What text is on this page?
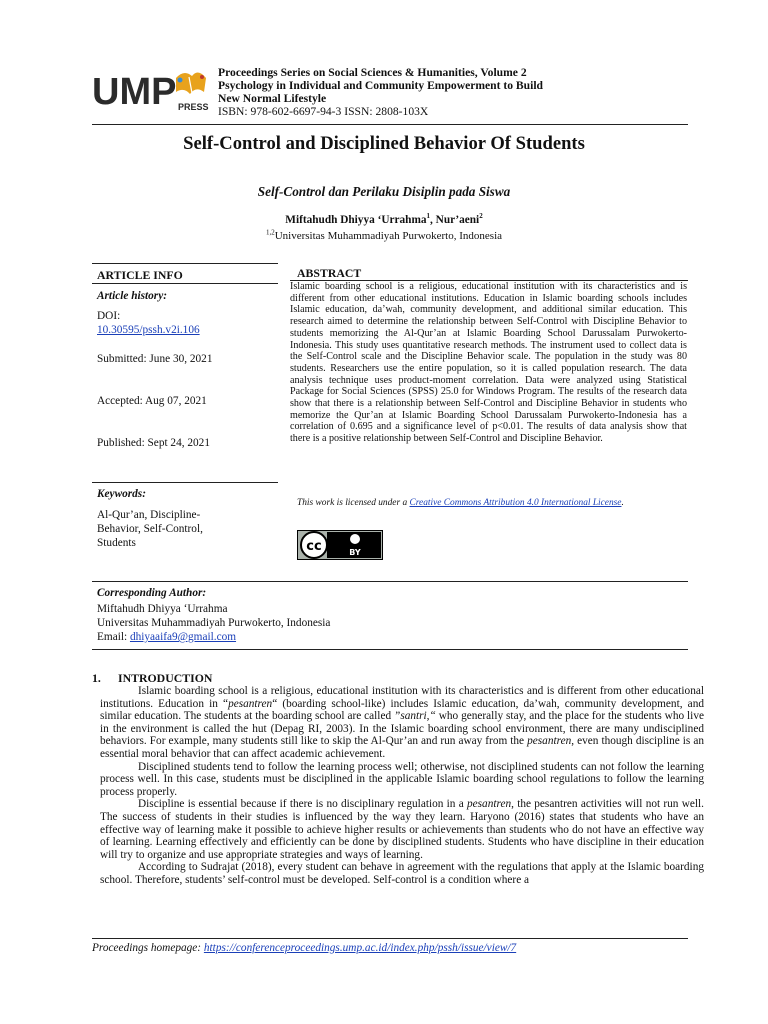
UMP PRESS
Proceedings Series on Social Sciences & Humanities, Volume 2
Psychology in Individual and Community Empowerment to Build
New Normal Lifestyle
ISBN: 978-602-6697-94-3 ISSN: 2808-103X
Self-Control and Disciplined Behavior Of Students
Self-Control dan Perilaku Disiplin pada Siswa
Miftahudh Dhiyya ‘Urrahma$^1$, Nur’aeni$^2$
$^{1,2}$Universitas Muhammadiyah Purwokerto, Indonesia
ARTICLE INFO
Article history:
DOI:
10.30595/pssh.v2i.106
Submitted: June 30, 2021
Accepted: Aug 07, 2021
Published: Sept 24, 2021
Keywords:
Al-Qur’an, Discipline-
Behavior, Self-Control,
Students
ABSTRACT
Islamic boarding school is a religious, educational institution with its characteristics and is different from other educational institutions. Education in Islamic boarding schools includes Islamic education, da’wah, community development, and additional similar education. This research aimed to determine the relationship between Self-Control with Discipline Behavior to students memorizing the Al-Qur’an at Islamic Boarding School Darussalam Purwokerto-Indonesia. This study uses quantitative research methods. The instrument used to collect data is the Self-Control scale and the Discipline Behavior scale. The population in the study was 80 students. Researchers use the entire population, so it is called population research. The data analysis technique uses product-moment correlation. Data were analyzed using Statistical Package for Social Sciences (SPSS) 25.0 for Windows Program. The results of the research data show that there is a relationship between Self-Control and Discipline Behavior in students who memorize the Qur’an at Islamic Boarding School Darussalam Purwokerto-Indonesia has a correlation of 0.695 and a significance level of p<0.01. The results of data analysis show that there is a positive relationship between Self-Control and Discipline Behavior.
This work is licensed under a Creative Commons Attribution 4.0 International License.
cc	BY
Corresponding Author:
Miftahudh Dhiyya ‘Urrahma
Universitas Muhammadiyah Purwokerto, Indonesia
Email: dhiyaaifa9@gmail.com
1. INTRODUCTION

Islamic boarding school is a religious, educational institution with its characteristics and is different from other educational institutions. Education in “pesantren“ (boarding school-like) includes Islamic education, da’wah, community development, and similar education. The students at the boarding school are called ”santri,“ who generally stay, and the place for the students who live in the environment is called the hut (Depag RI, 2003). In the Islamic boarding school environment, there are many undisciplined behaviors. For example, many students still like to skip the Al-Qur’an and run away from the pesantren, even though discipline is an essential moral behavior that can affect academic achievement.

Disciplined students tend to follow the learning process well; otherwise, not disciplined students can not follow the learning process well. In this case, students must be disciplined in the applicable Islamic boarding school regulations to follow the learning process properly.

Discipline is essential because if there is no disciplinary regulation in a pesantren, the pesantren activities will not run well. The success of students in their studies is influenced by the way they learn. Haryono (2016) states that students who have an effective way of learning make it possible to achieve higher results or achievements than students who do not have an effective way of learning. Learning effectively and efficiently can be done by disciplined students. Students who have discipline in their education will try to organize and use appropriate strategies and ways of learning.

According to Sudrajat (2018), every student can behave in agreement with the regulations that apply at the Islamic boarding school. Therefore, students’ self-control must be developed. Self-control is a condition where a

Proceedings homepage: https://conferenceproceedings.ump.ac.id/index.php/pssh/issue/view/7
